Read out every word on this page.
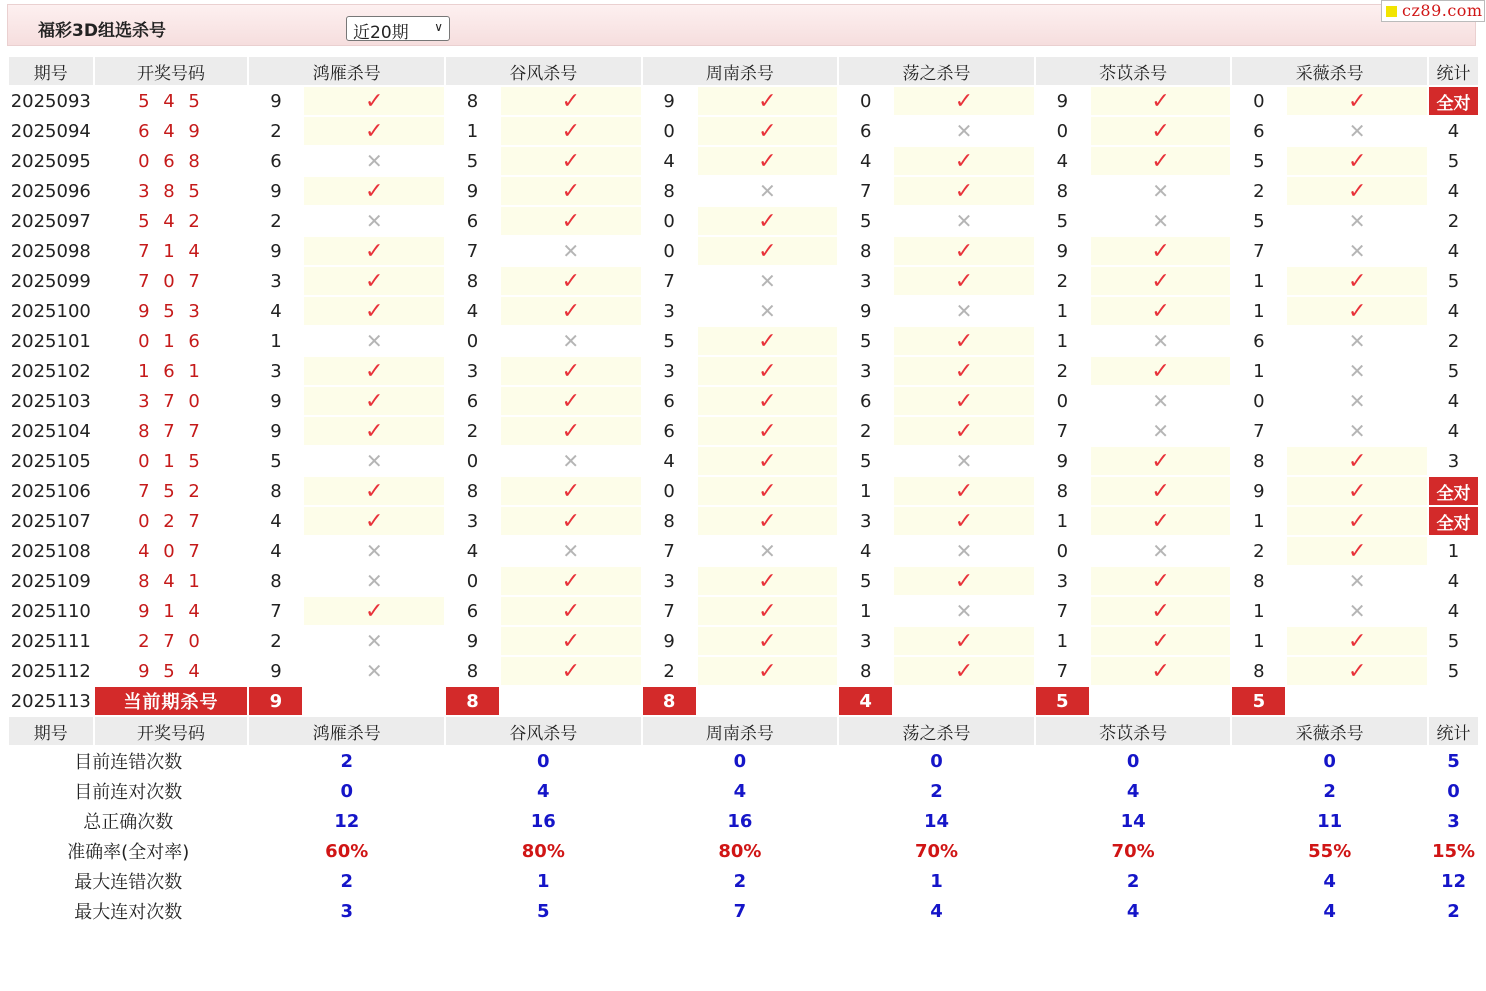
福彩3D组选杀号	近20期 ∨
cz89.com
期号	开奖号码	鸿雁杀号		谷风杀号		周南杀号		荡之杀号		苶苡杀号		采薇杀号		统计
2025093	5 4 5	9	✓	8	✓	9	✓	0	✓	9	✓	0	✓	全对
2025094	6 4 9	2	✓	1	✓	0	✓	6	✕	0	✓	6	✕	4
2025095	0 6 8	6	✕	5	✓	4	✓	4	✓	4	✓	5	✓	5
2025096	3 8 5	9	✓	9	✓	8	✕	7	✓	8	✕	2	✓	4
2025097	5 4 2	2	✕	6	✓	0	✓	5	✕	5	✕	5	✕	2
2025098	7 1 4	9	✓	7	✕	0	✓	8	✓	9	✓	7	✕	4
2025099	7 0 7	3	✓	8	✓	7	✕	3	✓	2	✓	1	✓	5
2025100	9 5 3	4	✓	4	✓	3	✕	9	✕	1	✓	1	✓	4
2025101	0 1 6	1	✕	0	✕	5	✓	5	✓	1	✕	6	✕	2
2025102	1 6 1	3	✓	3	✓	3	✓	3	✓	2	✓	1	✕	5
2025103	3 7 0	9	✓	6	✓	6	✓	6	✓	0	✕	0	✕	4
2025104	8 7 7	9	✓	2	✓	6	✓	2	✓	7	✕	7	✕	4
2025105	0 1 5	5	✕	0	✕	4	✓	5	✕	9	✓	8	✓	3
2025106	7 5 2	8	✓	8	✓	0	✓	1	✓	8	✓	9	✓	全对
2025107	0 2 7	4	✓	3	✓	8	✓	3	✓	1	✓	1	✓	全对
2025108	4 0 7	4	✕	4	✕	7	✕	4	✕	0	✕	2	✓	1
2025109	8 4 1	8	✕	0	✓	3	✓	5	✓	3	✓	8	✕	4
2025110	9 1 4	7	✓	6	✓	7	✓	1	✕	7	✓	1	✕	4
2025111	2 7 0	2	✕	9	✓	9	✓	3	✓	1	✓	1	✓	5
2025112	9 5 4	9	✕	8	✓	2	✓	8	✓	7	✓	8	✓	5
2025113	当前期杀号	9		8		8		4		5		5		
期号	开奖号码	鸿雁杀号		谷风杀号		周南杀号		荡之杀号		苶苡杀号		采薇杀号		统计
目前连错次数		2		0		0		0		0		0		5
目前连对次数		0		4		4		2		4		2		0
总正确次数		12		16		16		14		14		11		3
准确率(全对率)		60%		80%		80%		70%		70%		55%		15%
最大连错次数		2		1		2		1		2		4		12
最大连对次数		3		5		7		4		4		4		2
